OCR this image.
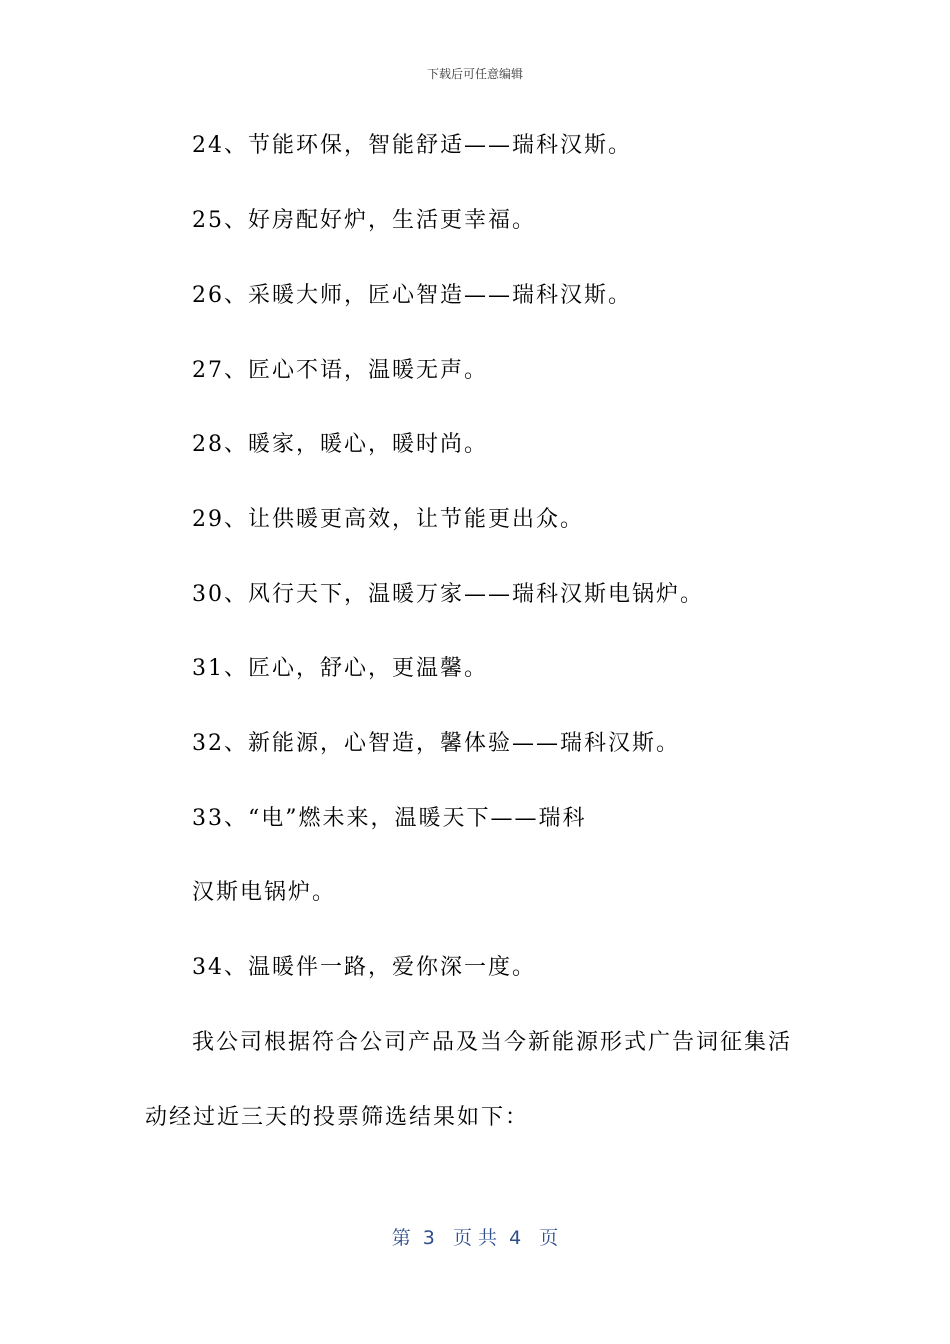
下载后可任意编辑
24、节能环保，智能舒适——瑞科汉斯。
25、好房配好炉，生活更幸福。
26、采暖大师，匠心智造——瑞科汉斯。
27、匠心不语，温暖无声。
28、暖家，暖心，暖时尚。
29、让供暖更高效，让节能更出众。
30、风行天下，温暖万家——瑞科汉斯电锅炉。
31、匠心，舒心，更温馨。
32、新能源，心智造，馨体验——瑞科汉斯。
33、“电”燃未来，温暖天下——瑞科
汉斯电锅炉。
34、温暖伴一路，爱你深一度。
我公司根据符合公司产品及当今新能源形式广告词征集活
动经过近三天的投票筛选结果如下：
第  3   页 共  4   页
